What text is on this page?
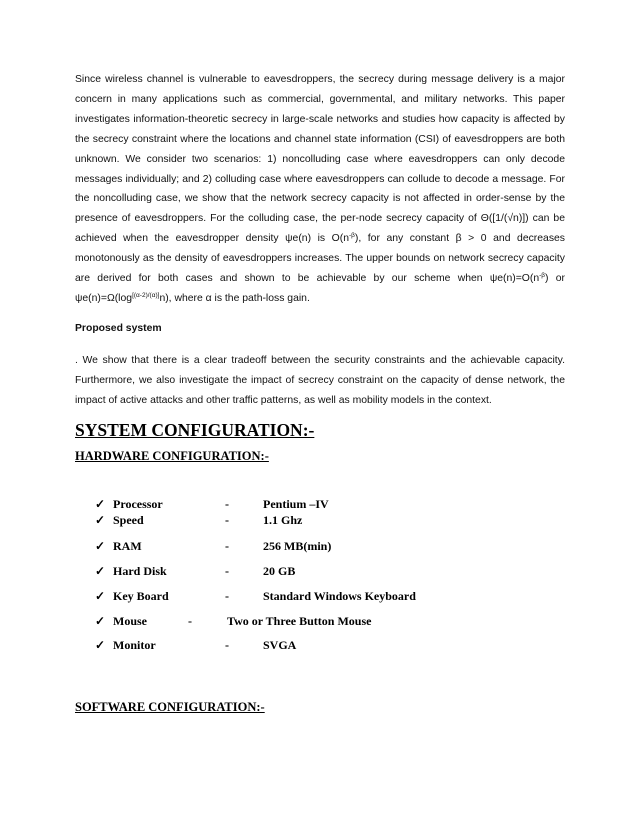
Since wireless channel is vulnerable to eavesdroppers, the secrecy during message delivery is a major concern in many applications such as commercial, governmental, and military networks. This paper investigates information-theoretic secrecy in large-scale networks and studies how capacity is affected by the secrecy constraint where the locations and channel state information (CSI) of eavesdroppers are both unknown. We consider two scenarios: 1) noncolluding case where eavesdroppers can only decode messages individually; and 2) colluding case where eavesdroppers can collude to decode a message. For the noncolluding case, we show that the network secrecy capacity is not affected in order-sense by the presence of eavesdroppers. For the colluding case, the per-node secrecy capacity of Θ([1/(√n)]) can be achieved when the eavesdropper density ψe(n) is $O(n^{-\beta})$, for any constant β > 0 and decreases monotonously as the density of eavesdroppers increases. The upper bounds on network secrecy capacity are derived for both cases and shown to be achievable by our scheme when $\psi e(n)=O(n^{-\beta})$ or ψe(n)=Ω(log[(α-2)/(α)]n), where α is the path-loss gain.

Proposed system

. We show that there is a clear tradeoff between the security constraints and the achievable capacity. Furthermore, we also investigate the impact of secrecy constraint on the capacity of dense network, the impact of active attacks and other traffic patterns, as well as mobility models in the context.

SYSTEM CONFIGURATION:-

HARDWARE CONFIGURATION:-

✓ Processor	-	Pentium –IV
✓ Speed	-	1.1 Ghz
✓ RAM	-	256 MB(min)
✓ Hard Disk	-	20 GB
✓ Key Board	-	Standard Windows Keyboard
✓ Mouse	-	Two or Three Button Mouse
✓ Monitor	-	SVGA

SOFTWARE CONFIGURATION:-
